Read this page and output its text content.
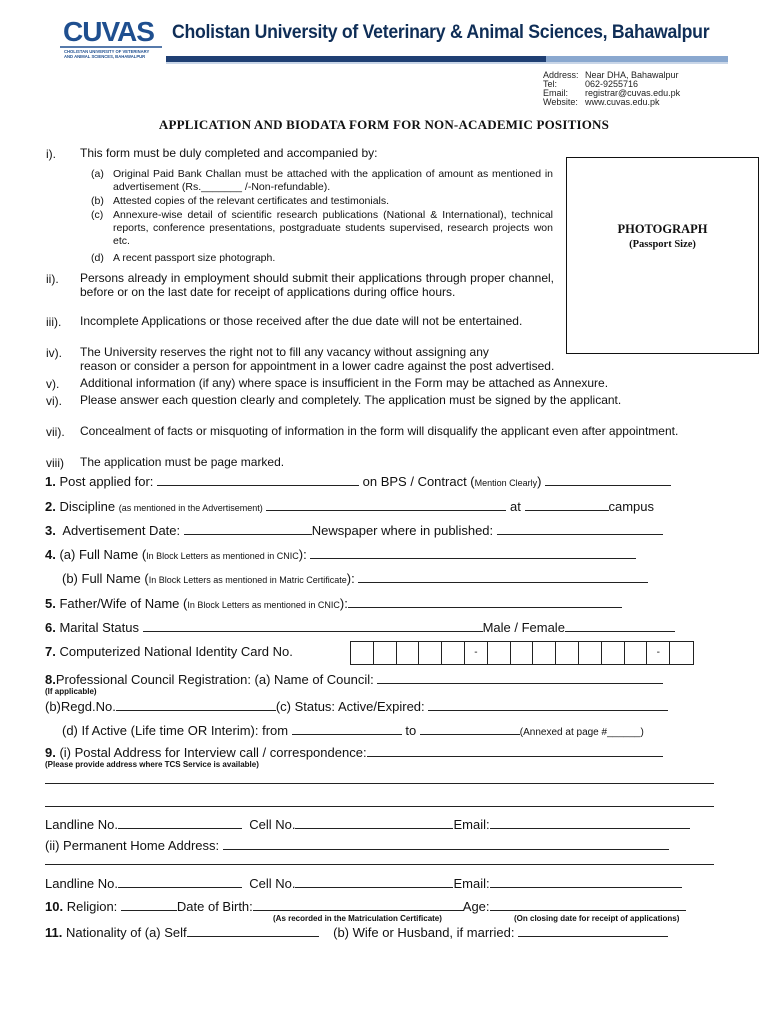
CUVAS
CHOLISTAN UNIVERSITY OF VETERINARY
AND ANIMAL SCIENCES, BAHAWALPUR
Cholistan University of Veterinary & Animal Sciences, Bahawalpur
Address: Near DHA, Bahawalpur
Tel:	062-9255716
Email: registrar@cuvas.edu.pk
Website: www.cuvas.edu.pk
APPLICATION AND BIODATA FORM FOR NON-ACADEMIC POSITIONS
PHOTOGRAPH
(Passport Size)
i). This form must be duly completed and accompanied by:
(a) Original Paid Bank Challan must be attached with the application of amount as mentioned in advertisement (Rs._______ /-Non-refundable).
(b) Attested copies of the relevant certificates and testimonials.
(c) Annexure-wise detail of scientific research publications (National & International), technical reports, conference presentations, postgraduate students supervised, research projects won etc.
(d) A recent passport size photograph.
ii). Persons already in employment should submit their applications through proper channel, before or on the last date for receipt of applications during office hours.
iii). Incomplete Applications or those received after the due date will not be entertained.
iv). The University reserves the right not to fill any vacancy without assigning any
reason or consider a person for appointment in a lower cadre against the post advertised.
v). Additional information (if any) where space is insufficient in the Form may be attached as Annexure.
vi). Please answer each question clearly and completely. The application must be signed by the applicant.
vii). Concealment of facts or misquoting of information in the form will disqualify the applicant even after appointment.
viii) The application must be page marked.
1. Post applied for:	on BPS / Contract (Mention Clearly)
2. Discipline (as mentioned in the Advertisement)	at	campus
3. Advertisement Date:	Newspaper where in published:
4. (a) Full Name (In Block Letters as mentioned in CNIC):
(b) Full Name (In Block Letters as mentioned in Matric Certificate):
5. Father/Wife of Name (In Block Letters as mentioned in CNIC):
6. Marital Status	Male / Female
7. Computerized National Identity Card No.	-	-
8.Professional Council Registration: (a) Name of Council:
(If applicable)
(b)Regd.No.	(c) Status: Active/Expired:
(d) If Active (Life time OR Interim): from	to	(Annexed at page #______)
9. (i) Postal Address for Interview call / correspondence:
(Please provide address where TCS Service is available)
Landline No.	Cell No.	Email:
(ii) Permanent Home Address:
Landline No.	Cell No.	Email:
10. Religion:	Date of Birth:	Age:
(As recorded in the Matriculation Certificate)	(On closing date for receipt of applications)
11. Nationality of (a) Self	(b) Wife or Husband, if married:
